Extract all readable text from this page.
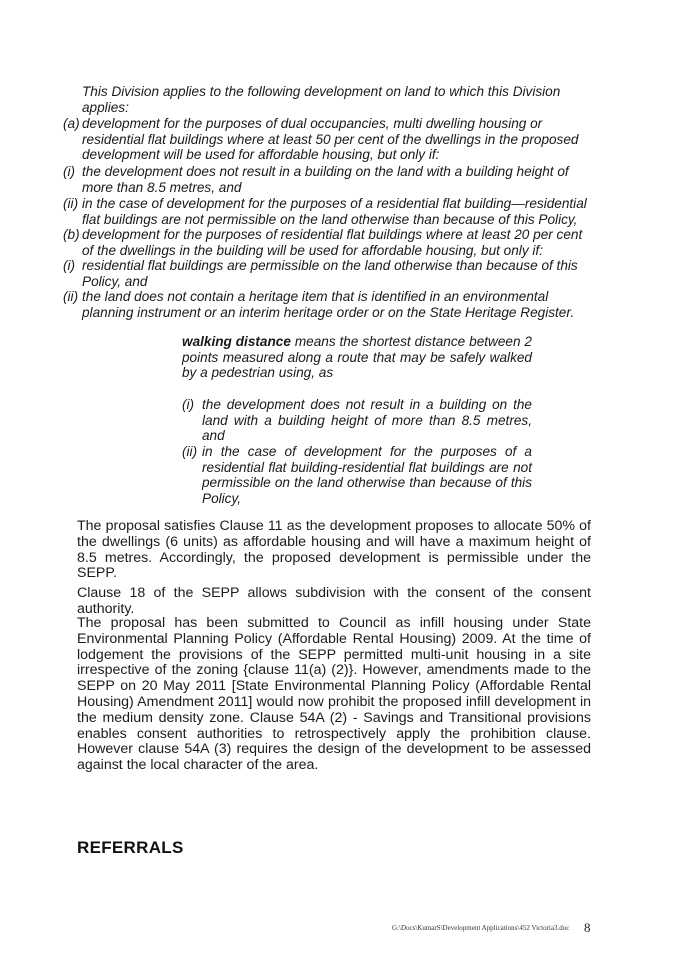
This Division applies to the following development on land to which this Division applies:
(a) development for the purposes of dual occupancies, multi dwelling housing or residential flat buildings where at least 50 per cent of the dwellings in the proposed development will be used for affordable housing, but only if:
(i) the development does not result in a building on the land with a building height of more than 8.5 metres, and
(ii) in the case of development for the purposes of a residential flat building—residential flat buildings are not permissible on the land otherwise than because of this Policy,
(b) development for the purposes of residential flat buildings where at least 20 per cent of the dwellings in the building will be used for affordable housing, but only if:
(i) residential flat buildings are permissible on the land otherwise than because of this Policy, and
(ii) the land does not contain a heritage item that is identified in an environmental planning instrument or an interim heritage order or on the State Heritage Register.
walking distance means the shortest distance between 2 points measured along a route that may be safely walked by a pedestrian using, as
(i) the development does not result in a building on the land with a building height of more than 8.5 metres, and
(ii) in the case of development for the purposes of a residential flat building-residential flat buildings are not permissible on the land otherwise than because of this Policy,

The proposal satisfies Clause 11 as the development proposes to allocate 50% of the dwellings (6 units) as affordable housing and will have a maximum height of 8.5 metres. Accordingly, the proposed development is permissible under the SEPP.

Clause 18 of the SEPP allows subdivision with the consent of the consent authority.

The proposal has been submitted to Council as infill housing under State Environmental Planning Policy (Affordable Rental Housing) 2009. At the time of lodgement the provisions of the SEPP permitted multi-unit housing in a site irrespective of the zoning {clause 11(a) (2)}. However, amendments made to the SEPP on 20 May 2011 [State Environmental Planning Policy (Affordable Rental Housing) Amendment 2011] would now prohibit the proposed infill development in the medium density zone. Clause 54A (2) - Savings and Transitional provisions enables consent authorities to retrospectively apply the prohibition clause. However clause 54A (3) requires the design of the development to be assessed against the local character of the area.

REFERRALS
G:\Docs\KumarS\Development Applications\452 Victoria3.doc 8
